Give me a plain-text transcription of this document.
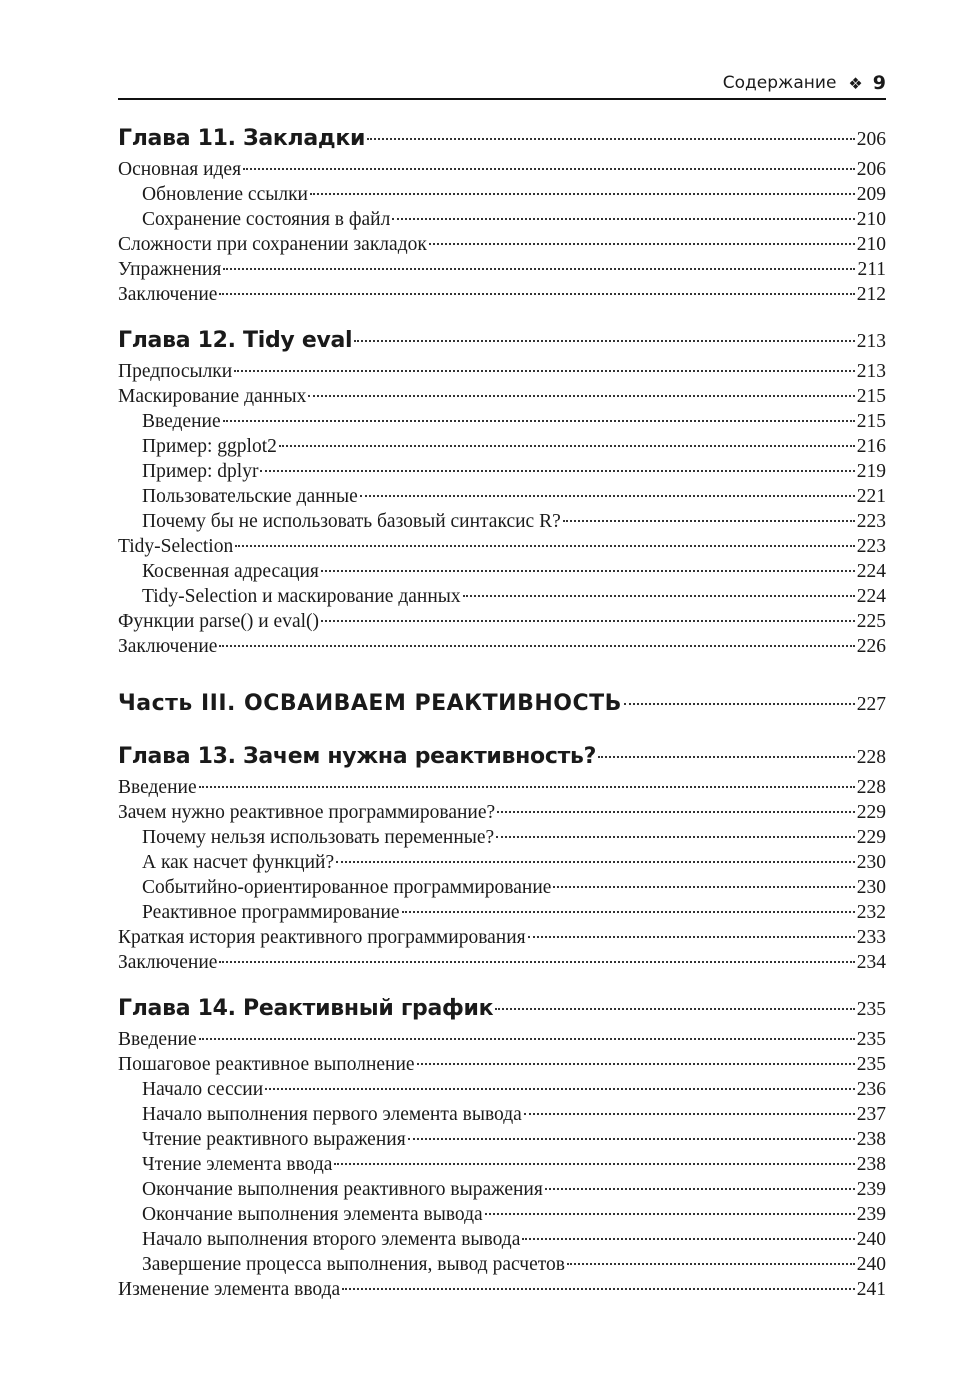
Содержание ❖ 9
Глава 11. Закладки	206
Основная идея	206
Обновление ссылки	209
Сохранение состояния в файл	210
Сложности при сохранении закладок	210
Упражнения	211
Заключение	212
Глава 12. Tidy eval	213
Предпосылки	213
Маскирование данных	215
Введение	215
Пример: ggplot2	216
Пример: dplyr	219
Пользовательские данные	221
Почему бы не использовать базовый синтаксис R?	223
Tidy-Selection	223
Косвенная адресация	224
Tidy-Selection и маскирование данных	224
Функции parse() и eval()	225
Заключение	226
Часть III. ОСВАИВАЕМ РЕАКТИВНОСТЬ	227
Глава 13. Зачем нужна реактивность?	228
Введение	228
Зачем нужно реактивное программирование?	229
Почему нельзя использовать переменные?	229
А как насчет функций?	230
Событийно-ориентированное программирование	230
Реактивное программирование	232
Краткая история реактивного программирования	233
Заключение	234
Глава 14. Реактивный график	235
Введение	235
Пошаговое реактивное выполнение	235
Начало сессии	236
Начало выполнения первого элемента вывода	237
Чтение реактивного выражения	238
Чтение элемента ввода	238
Окончание выполнения реактивного выражения	239
Окончание выполнения элемента вывода	239
Начало выполнения второго элемента вывода	240
Завершение процесса выполнения, вывод расчетов	240
Изменение элемента ввода	241
